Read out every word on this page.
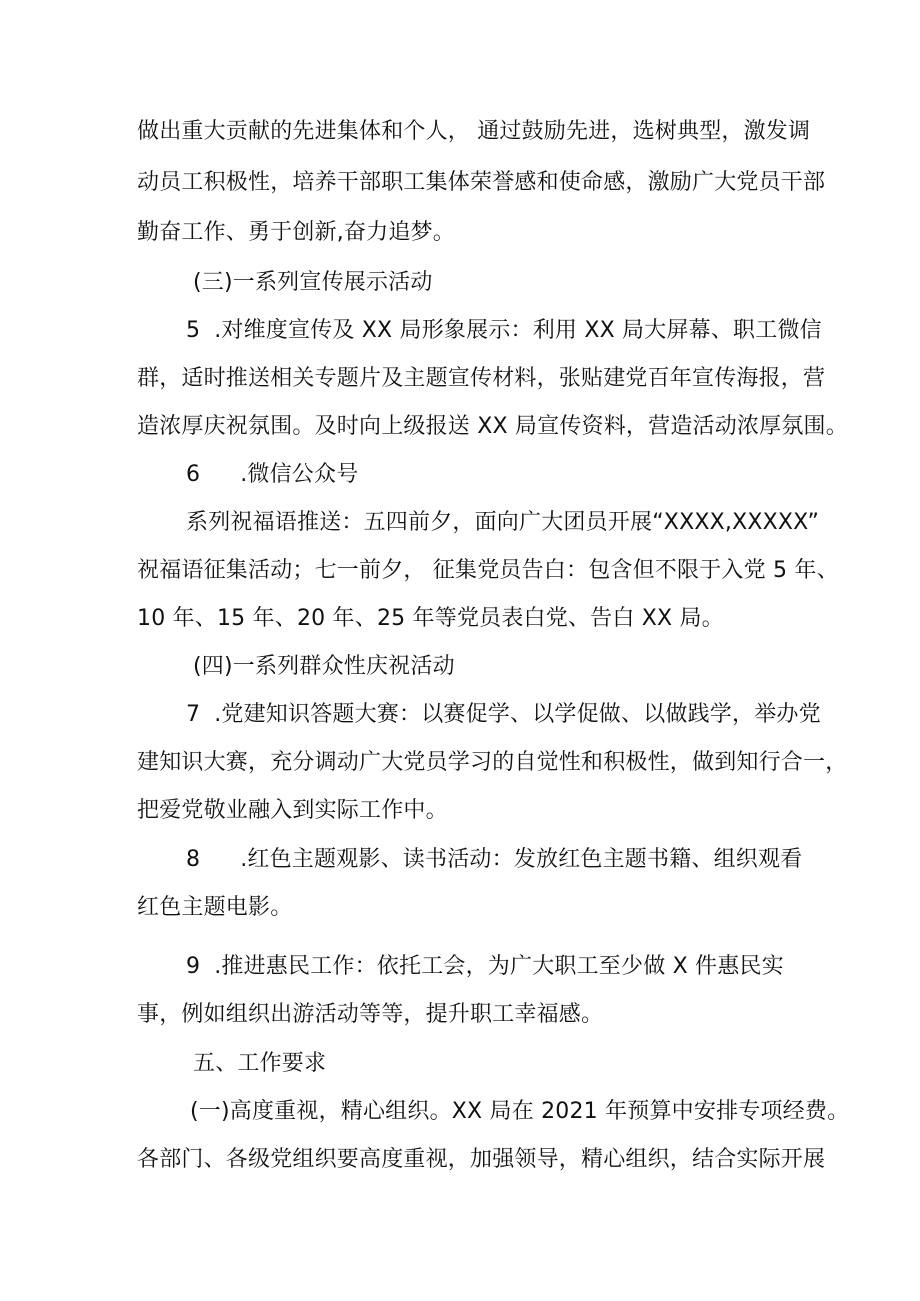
做出重大贡献的先进集体和个人， 通过鼓励先进，选树典型，激发调
动员工积极性，培养干部职工集体荣誉感和使命感，激励广大党员干部
勤奋工作、勇于创新,奋力追梦。
(三)一系列宣传展示活动
5 .对维度宣传及 XX 局形象展示：利用 XX 局大屏幕、职工微信
群，适时推送相关专题片及主题宣传材料，张贴建党百年宣传海报，营
造浓厚庆祝氛围。及时向上级报送 XX 局宣传资料，营造活动浓厚氛围。
6 .微信公众号
系列祝福语推送：五四前夕，面向广大团员开展“XXXX,XXXXX”
祝福语征集活动；七一前夕， 征集党员告白：包含但不限于入党 5 年、
10 年、15 年、20 年、25 年等党员表白党、告白 XX 局。
(四)一系列群众性庆祝活动
7 .党建知识答题大赛：以赛促学、以学促做、以做践学，举办党
建知识大赛，充分调动广大党员学习的自觉性和积极性，做到知行合一，
把爱党敬业融入到实际工作中。
8 .红色主题观影、读书活动：发放红色主题书籍、组织观看
红色主题电影。
9 .推进惠民工作：依托工会，为广大职工至少做 X 件惠民实
事，例如组织出游活动等等，提升职工幸福感。
五、工作要求
(一)高度重视，精心组织。XX 局在 2021 年预算中安排专项经费。
各部门、各级党组织要高度重视，加强领导，精心组织，结合实际开展
